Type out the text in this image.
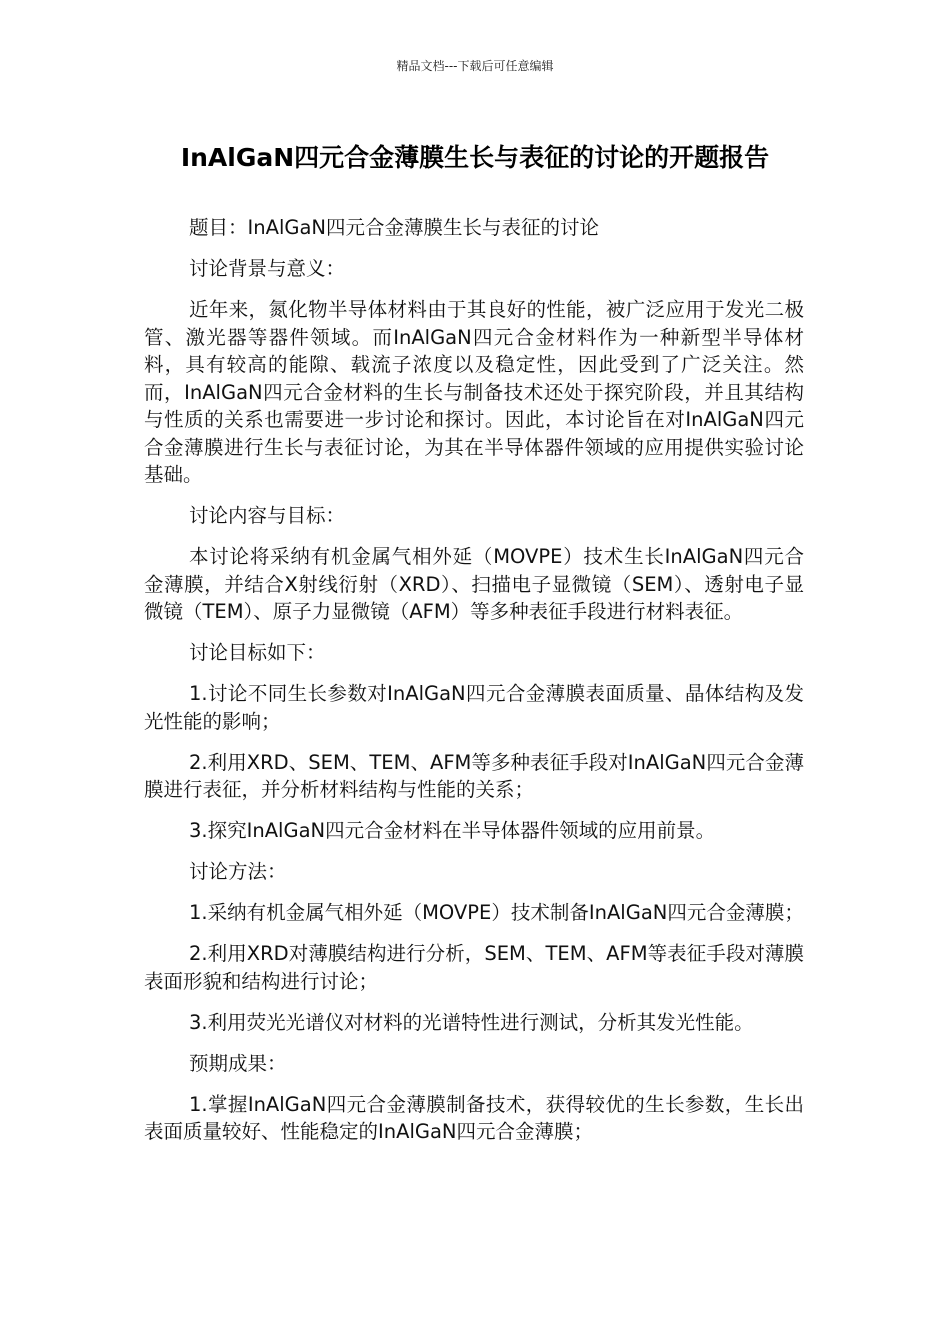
精品文档---下载后可任意编辑
InAlGaN四元合金薄膜生长与表征的讨论的开题报告

题目：InAlGaN四元合金薄膜生长与表征的讨论

讨论背景与意义：

近年来，氮化物半导体材料由于其良好的性能，被广泛应用于发光二极管、激光器等器件领域。而InAlGaN四元合金材料作为一种新型半导体材料，具有较高的能隙、载流子浓度以及稳定性，因此受到了广泛关注。然而，InAlGaN四元合金材料的生长与制备技术还处于探究阶段，并且其结构与性质的关系也需要进一步讨论和探讨。因此，本讨论旨在对InAlGaN四元合金薄膜进行生长与表征讨论，为其在半导体器件领域的应用提供实验讨论基础。

讨论内容与目标：

本讨论将采纳有机金属气相外延（MOVPE）技术生长InAlGaN四元合金薄膜，并结合X射线衍射（XRD）、扫描电子显微镜（SEM）、透射电子显微镜（TEM）、原子力显微镜（AFM）等多种表征手段进行材料表征。

讨论目标如下：

1.讨论不同生长参数对InAlGaN四元合金薄膜表面质量、晶体结构及发光性能的影响；

2.利用XRD、SEM、TEM、AFM等多种表征手段对InAlGaN四元合金薄膜进行表征，并分析材料结构与性能的关系；

3.探究InAlGaN四元合金材料在半导体器件领域的应用前景。

讨论方法：

1.采纳有机金属气相外延（MOVPE）技术制备InAlGaN四元合金薄膜；

2.利用XRD对薄膜结构进行分析，SEM、TEM、AFM等表征手段对薄膜表面形貌和结构进行讨论；

3.利用荧光光谱仪对材料的光谱特性进行测试，分析其发光性能。

预期成果：

1.掌握InAlGaN四元合金薄膜制备技术，获得较优的生长参数，生长出表面质量较好、性能稳定的InAlGaN四元合金薄膜；
